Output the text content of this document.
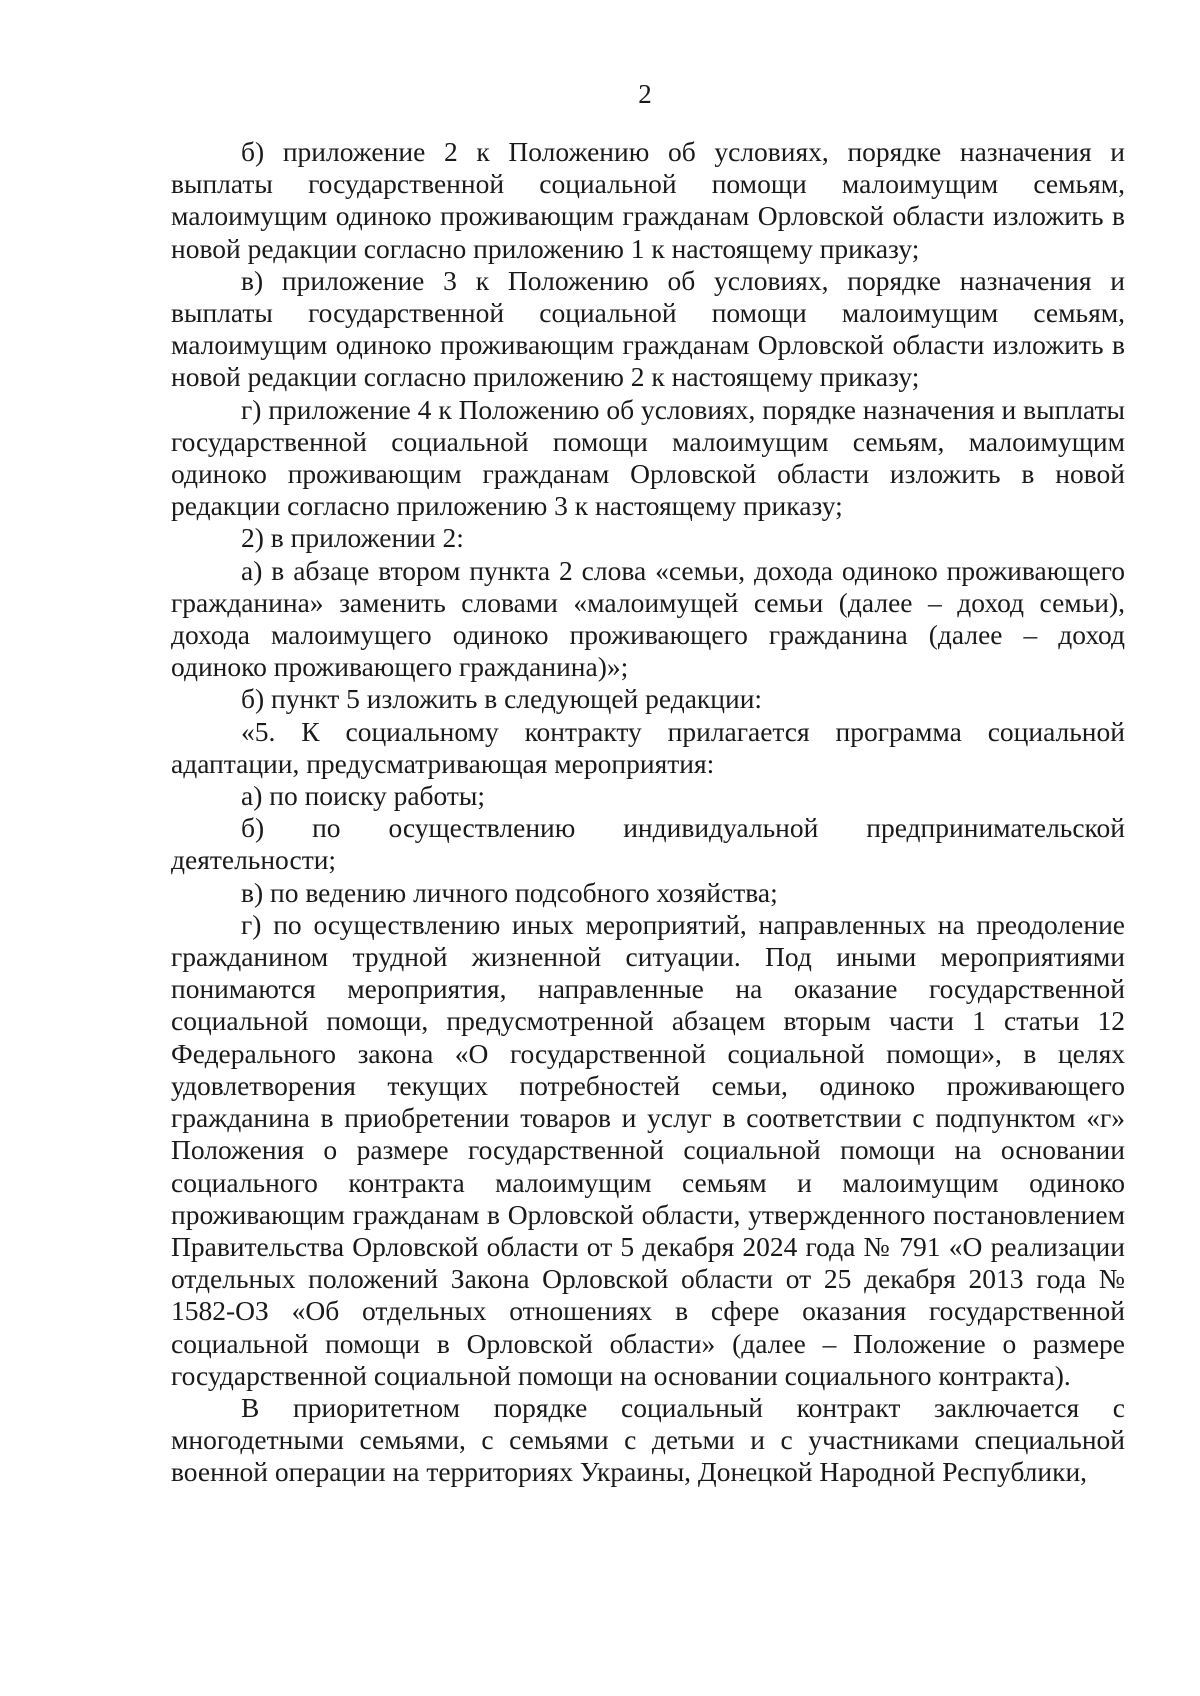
2

б) приложение 2 к Положению об условиях, порядке назначения и выплаты государственной социальной помощи малоимущим семьям, малоимущим одиноко проживающим гражданам Орловской области изложить в новой редакции согласно приложению 1 к настоящему приказу;

в) приложение 3 к Положению об условиях, порядке назначения и выплаты государственной социальной помощи малоимущим семьям, малоимущим одиноко проживающим гражданам Орловской области изложить в новой редакции согласно приложению 2 к настоящему приказу;

г) приложение 4 к Положению об условиях, порядке назначения и выплаты государственной социальной помощи малоимущим семьям, малоимущим одиноко проживающим гражданам Орловской области изложить в новой редакции согласно приложению 3 к настоящему приказу;

2) в приложении 2:

а) в абзаце втором пункта 2 слова «семьи, дохода одиноко проживающего гражданина» заменить словами «малоимущей семьи (далее – доход семьи), дохода малоимущего одиноко проживающего гражданина (далее – доход одиноко проживающего гражданина)»;

б) пункт 5 изложить в следующей редакции:

«5. К социальному контракту прилагается программа социальной адаптации, предусматривающая мероприятия:

а) по поиску работы;

б) по осуществлению индивидуальной предпринимательской деятельности;

в) по ведению личного подсобного хозяйства;

г) по осуществлению иных мероприятий, направленных на преодоление гражданином трудной жизненной ситуации. Под иными мероприятиями понимаются мероприятия, направленные на оказание государственной социальной помощи, предусмотренной абзацем вторым части 1 статьи 12 Федерального закона «О государственной социальной помощи», в целях удовлетворения текущих потребностей семьи, одиноко проживающего гражданина в приобретении товаров и услуг в соответствии с подпунктом «г» Положения о размере государственной социальной помощи на основании социального контракта малоимущим семьям и малоимущим одиноко проживающим гражданам в Орловской области, утвержденного постановлением Правительства Орловской области от 5 декабря 2024 года № 791 «О реализации отдельных положений Закона Орловской области от 25 декабря 2013 года № 1582-ОЗ «Об отдельных отношениях в сфере оказания государственной социальной помощи в Орловской области» (далее – Положение о размере государственной социальной помощи на основании социального контракта).

В приоритетном порядке социальный контракт заключается с многодетными семьями, с семьями с детьми и с участниками специальной военной операции на территориях Украины, Донецкой Народной Республики,
